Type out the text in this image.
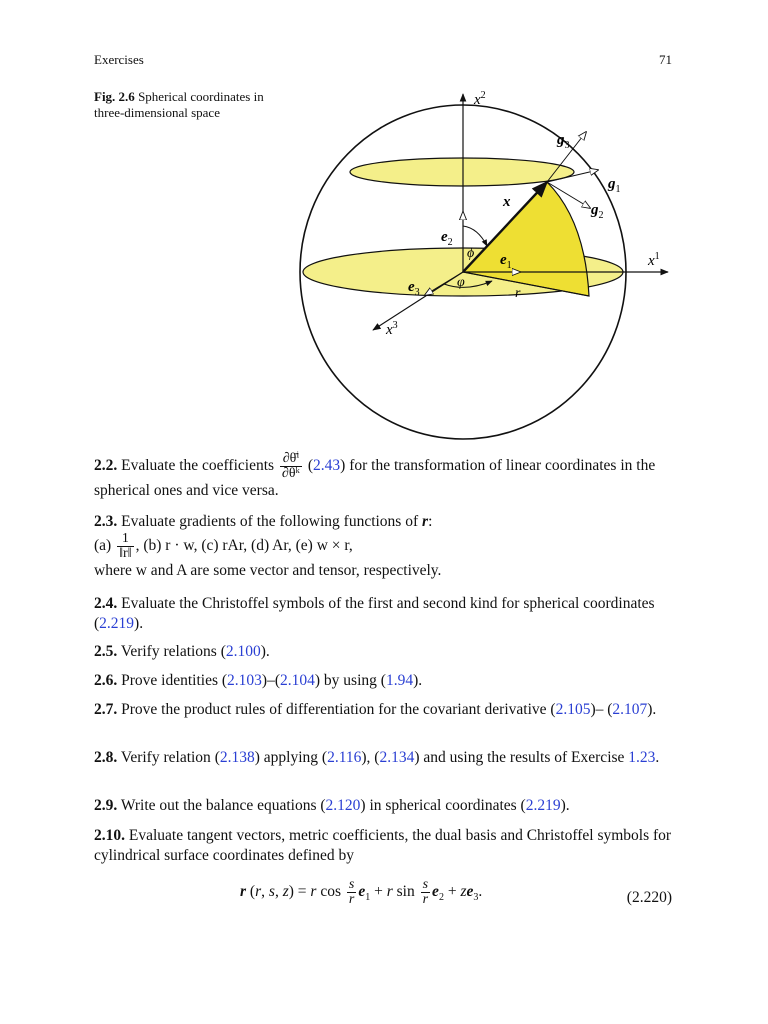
Exercises	71
Fig. 2.6 Spherical coordinates in three-dimensional space
$x^2$
$x^1$
$x^3$
$g_3$
$g_1$
$g_2$
x
$e_2$
$e_1$
$e_3$
ϕ
φ
r
2.2. Evaluate the coefficients $\frac{\text{∂θ̄ⁱ}}{\text{∂θᵏ}} (2.43)$ for the transformation of linear coordinates in the spherical ones and vice versa.
2.3. Evaluate gradients of the following functions of r:
$(a) \frac{1}{‖r‖}$ , (b) r · w, (c) rAr, (d) Ar, (e) w × r,
where w and A are some vector and tensor, respectively.
2.4. Evaluate the Christoffel symbols of the first and second kind for spherical coordinates (2.219).
2.5. Verify relations (2.100).
2.6. Prove identities (2.103)–(2.104) by using (1.94).
2.7. Prove the product rules of differentiation for the covariant derivative (2.105)– (2.107).
2.8. Verify relation (2.138) applying (2.116), (2.134) and using the results of Exercise 1.23.
2.9. Write out the balance equations (2.120) in spherical coordinates (2.219).
2.10. Evaluate tangent vectors, metric coefficients, the dual basis and Christoffel symbols for cylindrical surface coordinates defined by
r (r, s, z) = r $\cos \frac{s}{r} e_1 + r$ $\sin \frac{s}{r} e_2 + ze_3$.	(2.220)
